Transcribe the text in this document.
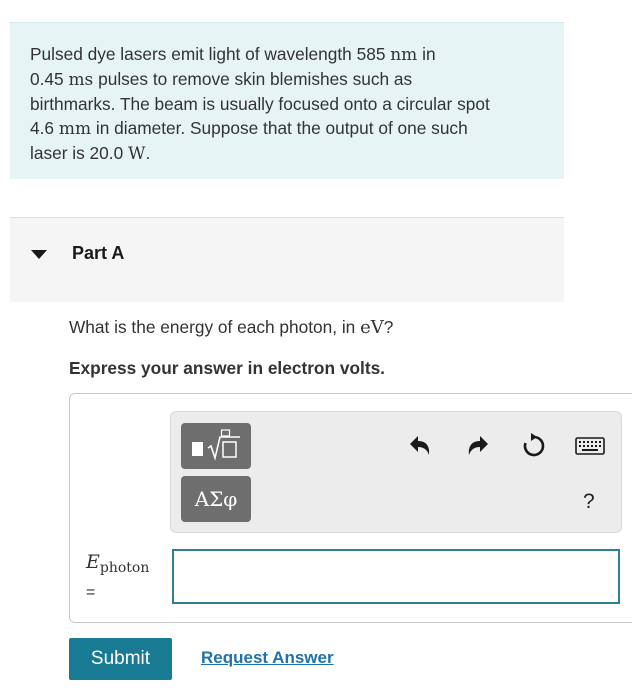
Pulsed dye lasers emit light of wavelength 585 nm in
0.45 ms pulses to remove skin blemishes such as
birthmarks. The beam is usually focused onto a circular spot
4.6 mm in diameter. Suppose that the output of one such
laser is 20.0 W.

Part A
What is the energy of each photon, in eV?
Express your answer in electron volts.
ΑΣφ	?
$E_{photon}$
=
Submit	Request Answer
